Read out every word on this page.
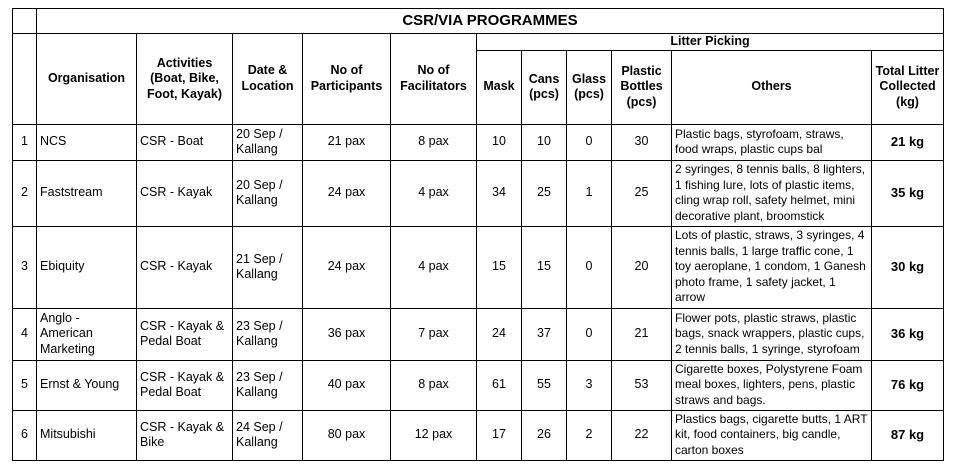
	CSR/VIA PROGRAMMES										
	Organisation	Activities (Boat, Bike, Foot, Kayak)	Date & Location	No of Participants	No of Facilitators	Litter Picking					
						Mask	Cans (pcs)	Glass (pcs)	Plastic Bottles (pcs)	Others	Total Litter Collected (kg)
1	NCS	CSR - Boat	20 Sep / Kallang	21 pax	8 pax	10	10	0	30	Plastic bags, styrofoam, straws, food wraps, plastic cups bal	21 kg
2	Faststream	CSR - Kayak	20 Sep / Kallang	24 pax	4 pax	34	25	1	25	2 syringes, 8 tennis balls, 8 lighters, 1 fishing lure, lots of plastic items, cling wrap roll, safety helmet, mini decorative plant, broomstick	35 kg
3	Ebiquity	CSR - Kayak	21 Sep / Kallang	24 pax	4 pax	15	15	0	20	Lots of plastic, straws, 3 syringes, 4 tennis balls, 1 large traffic cone, 1 toy aeroplane, 1 condom, 1 Ganesh photo frame, 1 safety jacket, 1 arrow	30 kg
4	Anglo - American Marketing	CSR - Kayak & Pedal Boat	23 Sep / Kallang	36 pax	7 pax	24	37	0	21	Flower pots, plastic straws, plastic bags, snack wrappers, plastic cups, 2 tennis balls, 1 syringe, styrofoam	36 kg
5	Ernst & Young	CSR - Kayak & Pedal Boat	23 Sep / Kallang	40 pax	8 pax	61	55	3	53	Cigarette boxes, Polystyrene Foam meal boxes, lighters, pens, plastic straws and bags.	76 kg
6	Mitsubishi	CSR - Kayak & Bike	24 Sep / Kallang	80 pax	12 pax	17	26	2	22	Plastics bags, cigarette butts, 1 ART kit, food containers, big candle, carton boxes	87 kg
